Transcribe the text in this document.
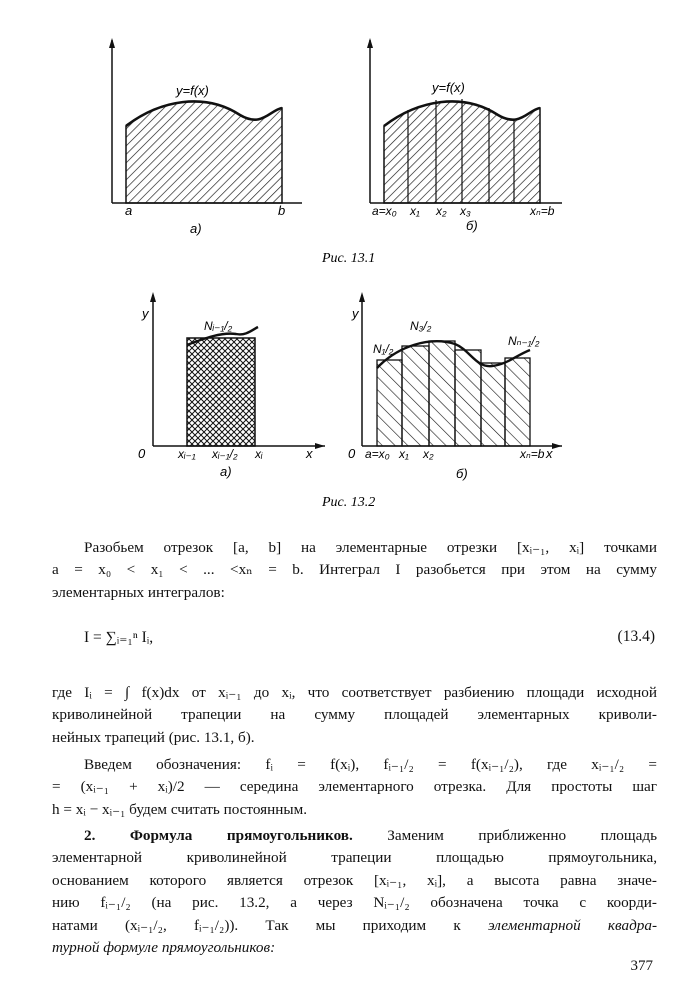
y=f(x)
a	b
а)
y=f(x)
a=x₀ x₁ x₂ x₃	xₙ=b
б)
Рис. 13.1
y
Nᵢ₋₁/₂
0	xᵢ₋₁ xᵢ₋₁/₂ xᵢ	x
а)
y
N₁/₂
N₃/₂
Nₙ₋₁/₂
0 a=x₀ x₁ x₂	xₙ=b x
б)
Рис. 13.2
Разобьем отрезок [a, b] на элементарные отрезки [xᵢ₋₁, xᵢ] точками
a = x₀ < x₁ < ... <xₙ = b. Интеграл I разобьется при этом на сумму
элементарных интегралов:
I = ∑ᵢ₌₁ⁿ Iᵢ,	(13.4)
где Iᵢ = ∫ f(x)dx от xᵢ₋₁ до xᵢ, что соответствует разбиению площади исходной
криволинейной трапеции на сумму площадей элементарных криволи-
нейных трапеций (рис. 13.1, б).
Введем обозначения: fᵢ = f(xᵢ), fᵢ₋₁/₂ = f(xᵢ₋₁/₂), где xᵢ₋₁/₂ =
= (xᵢ₋₁ + xᵢ)/2 — середина элементарного отрезка. Для простоты шаг
h = xᵢ − xᵢ₋₁ будем считать постоянным.
2. Формула прямоугольников. Заменим приближенно площадь
элементарной криволинейной трапеции площадью прямоугольника,
основанием которого является отрезок [xᵢ₋₁, xᵢ], а высота равна значе-
нию fᵢ₋₁/₂ (на рис. 13.2, а через Nᵢ₋₁/₂ обозначена точка с коорди-
натами (xᵢ₋₁/₂, fᵢ₋₁/₂)). Так мы приходим к элементарной квадра-
турной формуле прямоугольников:
377
